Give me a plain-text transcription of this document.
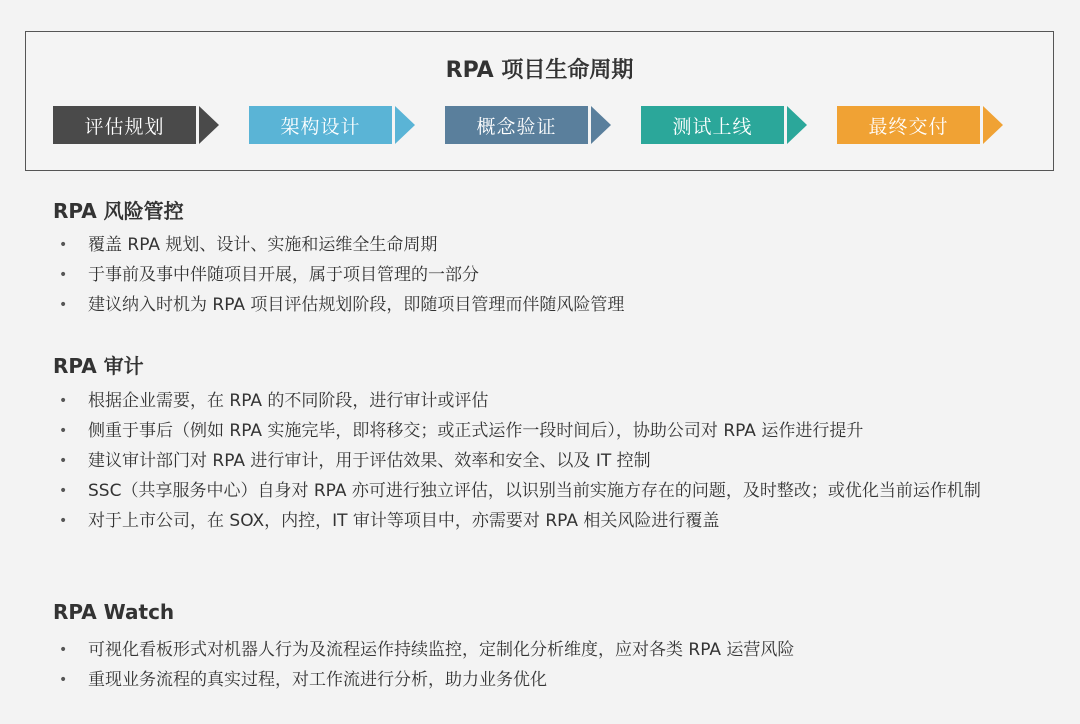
RPA 项目生命周期
评估规划	架构设计	概念验证	测试上线	最终交付
RPA 风险管控
• 覆盖 RPA 规划、设计、实施和运维全生命周期
• 于事前及事中伴随项目开展，属于项目管理的一部分
• 建议纳入时机为 RPA 项目评估规划阶段，即随项目管理而伴随风险管理
RPA 审计
• 根据企业需要，在 RPA 的不同阶段，进行审计或评估
• 侧重于事后（例如 RPA 实施完毕，即将移交；或正式运作一段时间后），协助公司对 RPA 运作进行提升
• 建议审计部门对 RPA 进行审计，用于评估效果、效率和安全、以及 IT 控制
• SSC（共享服务中心）自身对 RPA 亦可进行独立评估，以识别当前实施方存在的问题，及时整改；或优化当前运作机制
• 对于上市公司，在 SOX，内控，IT 审计等项目中，亦需要对 RPA 相关风险进行覆盖
RPA Watch
• 可视化看板形式对机器人行为及流程运作持续监控，定制化分析维度，应对各类 RPA 运营风险
• 重现业务流程的真实过程，对工作流进行分析，助力业务优化
